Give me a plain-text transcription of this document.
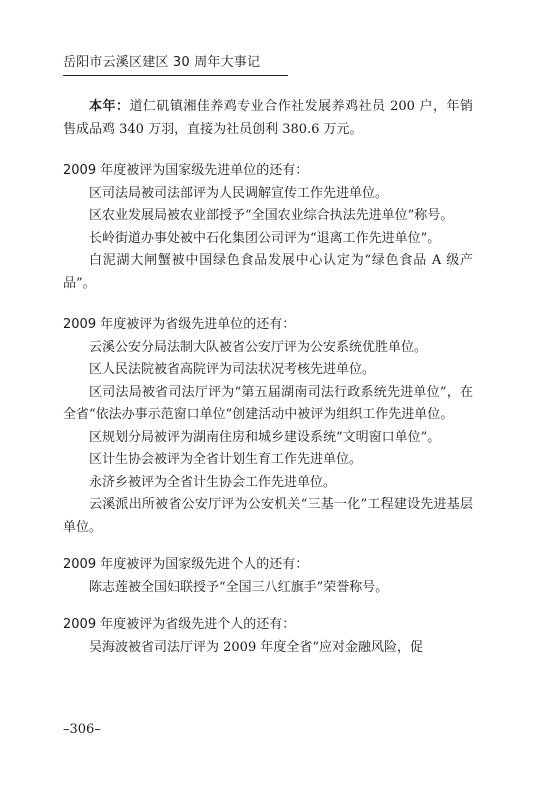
岳阳市云溪区建区 30 周年大事记

本年：道仁矶镇湘佳养鸡专业合作社发展养鸡社员 200 户，年销售成品鸡 340 万羽，直接为社员创利 380.6 万元。

2009 年度被评为国家级先进单位的还有：

区司法局被司法部评为人民调解宣传工作先进单位。

区农业发展局被农业部授予“全国农业综合执法先进单位”称号。

长岭街道办事处被中石化集团公司评为“退离工作先进单位”。

白泥湖大闸蟹被中国绿色食品发展中心认定为“绿色食品 A 级产品”。

2009 年度被评为省级先进单位的还有：

云溪公安分局法制大队被省公安厅评为公安系统优胜单位。

区人民法院被省高院评为司法状况考核先进单位。

区司法局被省司法厅评为“第五届湖南司法行政系统先进单位”，在全省“依法办事示范窗口单位”创建活动中被评为组织工作先进单位。

区规划分局被评为湖南住房和城乡建设系统“文明窗口单位”。

区计生协会被评为全省计划生育工作先进单位。

永济乡被评为全省计生协会工作先进单位。

云溪派出所被省公安厅评为公安机关“三基一化”工程建设先进基层单位。

2009 年度被评为国家级先进个人的还有：

陈志莲被全国妇联授予“全国三八红旗手”荣誉称号。

2009 年度被评为省级先进个人的还有：

吴海波被省司法厅评为 2009 年度全省“应对金融风险，促

–306–
